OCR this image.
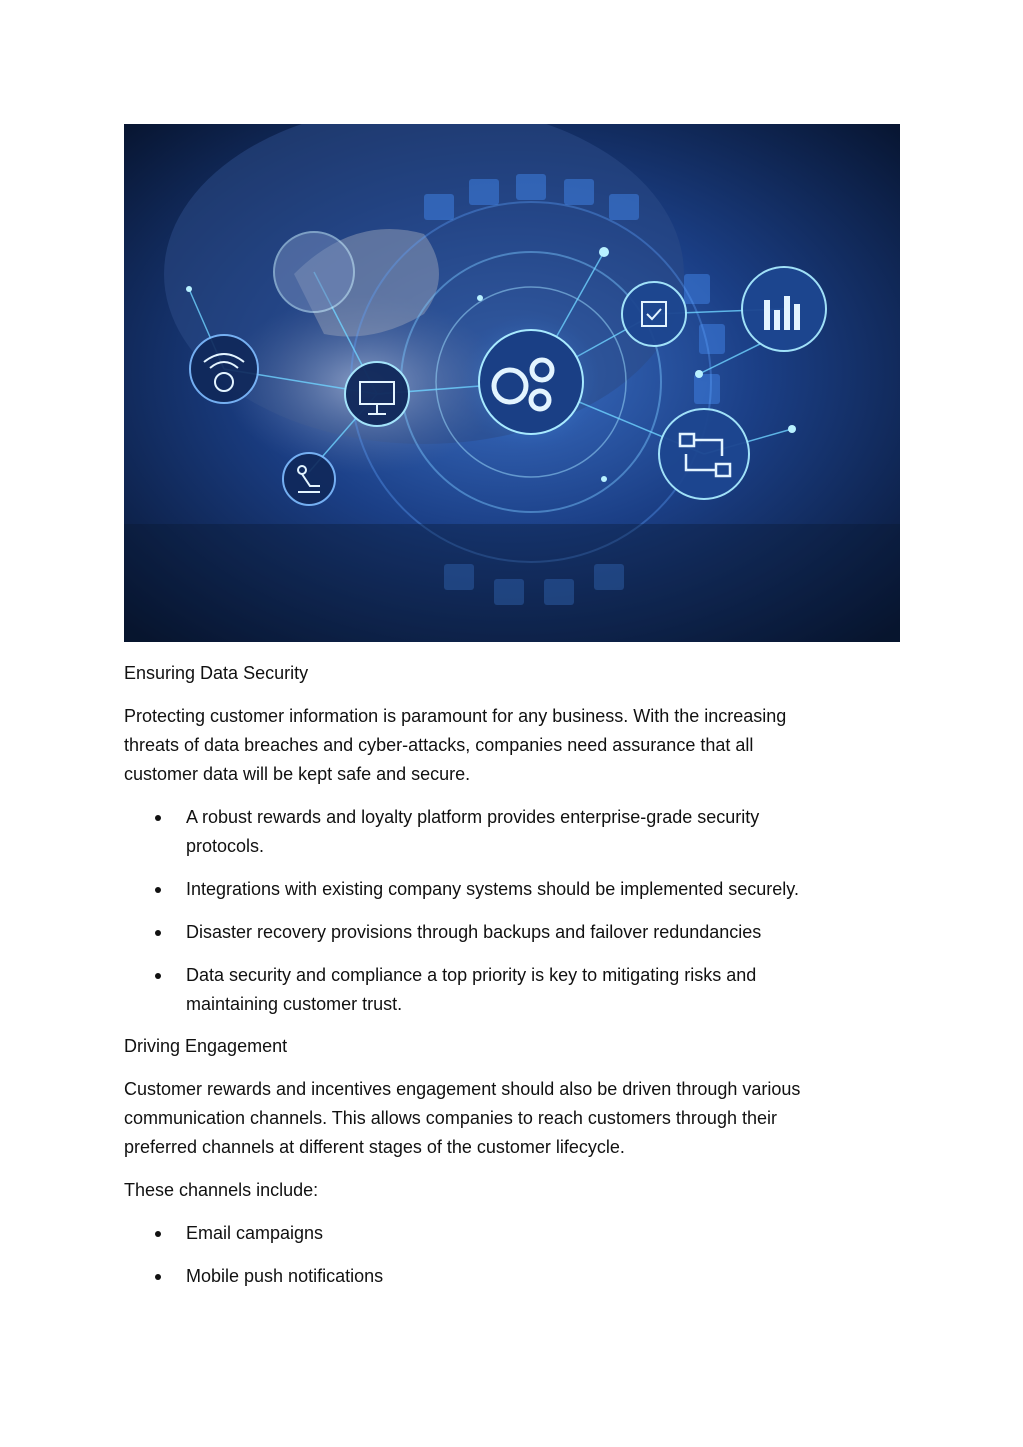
Ensuring Data Security

Protecting customer information is paramount for any business. With the increasing
threats of data breaches and cyber-attacks, companies need assurance that all
customer data will be kept safe and secure.

A robust rewards and loyalty platform provides enterprise-grade security
protocols.
Integrations with existing company systems should be implemented securely.
Disaster recovery provisions through backups and failover redundancies
Data security and compliance a top priority is key to mitigating risks and
maintaining customer trust.
Driving Engagement

Customer rewards and incentives engagement should also be driven through various
communication channels. This allows companies to reach customers through their
preferred channels at different stages of the customer lifecycle.

These channels include:

Email campaigns
Mobile push notifications
